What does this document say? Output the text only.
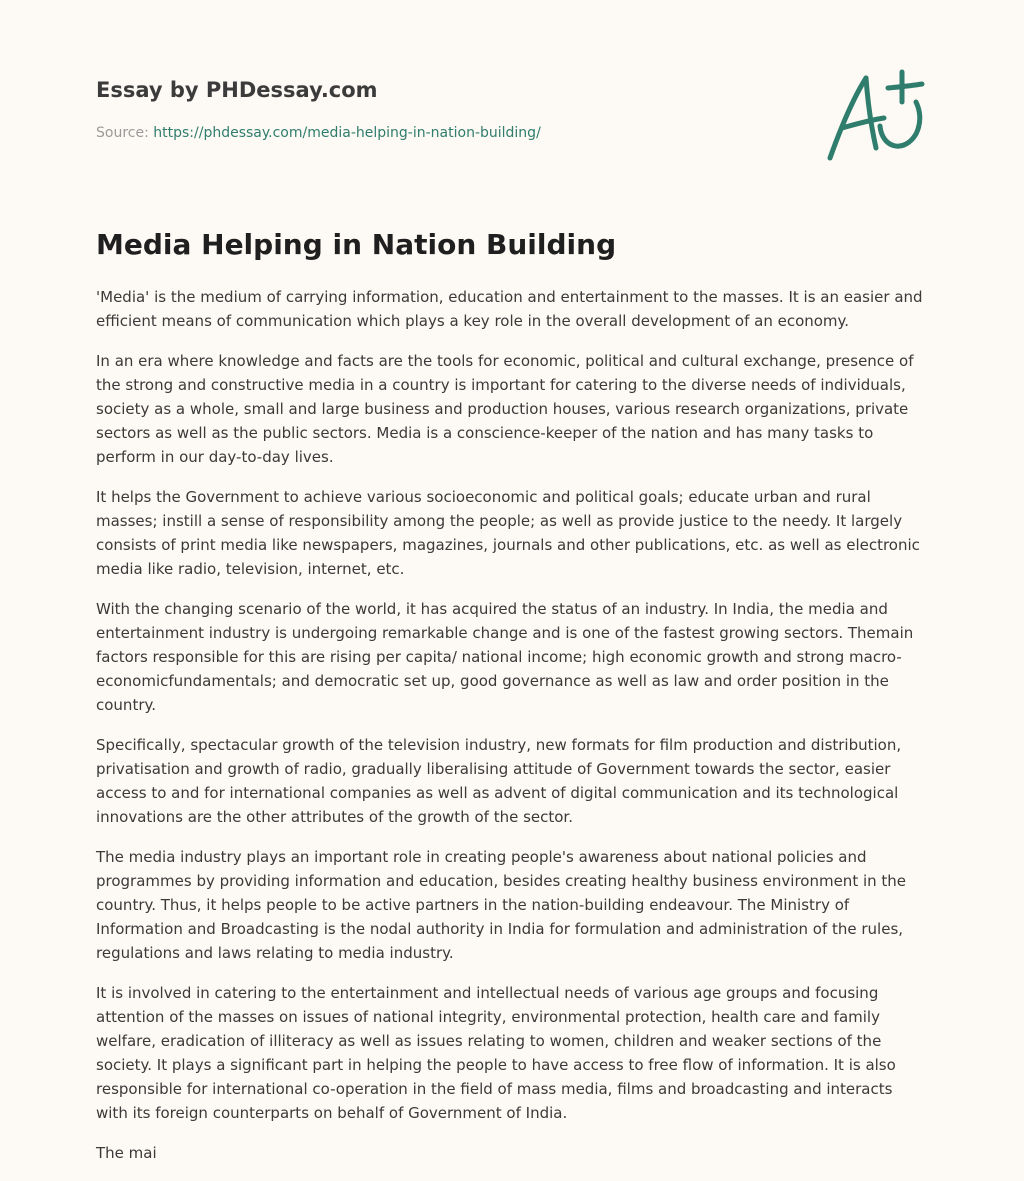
Essay by PHDessay.com
Source: https://phdessay.com/media-helping-in-nation-building/
Media Helping in Nation Building

'Media' is the medium of carrying information, education and entertainment to the masses. It is an easier and efficient means of communication which plays a key role in the overall development of an economy.

In an era where knowledge and facts are the tools for economic, political and cultural exchange, presence of the strong and constructive media in a country is important for catering to the diverse needs of individuals, society as a whole, small and large business and production houses, various research organizations, private sectors as well as the public sectors. Media is a conscience-keeper of the nation and has many tasks to perform in our day-to-day lives.

It helps the Government to achieve various socioeconomic and political goals; educate urban and rural masses; instill a sense of responsibility among the people; as well as provide justice to the needy. It largely consists of print media like newspapers, magazines, journals and other publications, etc. as well as electronic media like radio, television, internet, etc.

With the changing scenario of the world, it has acquired the status of an industry. In India, the media and entertainment industry is undergoing remarkable change and is one of the fastest growing sectors. Themain factors responsible for this are rising per capita/ national income; high economic growth and strong macro-economicfundamentals; and democratic set up, good governance as well as law and order position in the country.

Specifically, spectacular growth of the television industry, new formats for film production and distribution, privatisation and growth of radio, gradually liberalising attitude of Government towards the sector, easier access to and for international companies as well as advent of digital communication and its technological innovations are the other attributes of the growth of the sector.

The media industry plays an important role in creating people's awareness about national policies and programmes by providing information and education, besides creating healthy business environment in the country. Thus, it helps people to be active partners in the nation-building endeavour. The Ministry of Information and Broadcasting is the nodal authority in India for formulation and administration of the rules, regulations and laws relating to media industry.

It is involved in catering to the entertainment and intellectual needs of various age groups and focusing attention of the masses on issues of national integrity, environmental protection, health care and family welfare, eradication of illiteracy as well as issues relating to women, children and weaker sections of the society. It plays a significant part in helping the people to have access to free flow of information. It is also responsible for international co-operation in the field of mass media, films and broadcasting and interacts with its foreign counterparts on behalf of Government of India.

The mai
